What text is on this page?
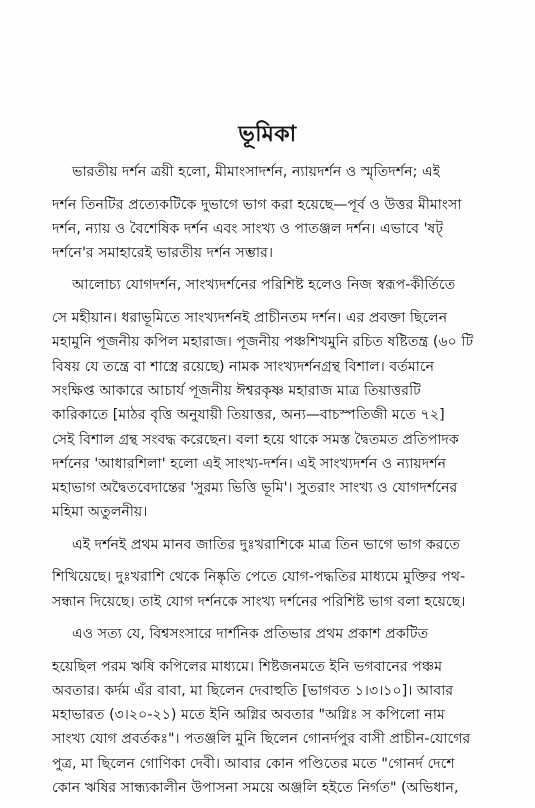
ভূমিকা
ভারতীয় দর্শন ত্রয়ী হলো, মীমাংসাদর্শন, ন্যায়দর্শন ও স্মৃতিদর্শন; এই
দর্শন তিনটির প্রত্যেকটিকে দুভাগে ভাগ করা হয়েছে—পূর্ব ও উত্তর মীমাংসা
দর্শন, ন্যায় ও বৈশেষিক দর্শন এবং সাংখ্য ও পাতঞ্জল দর্শন। এভাবে 'ষট্
দর্শনে'র সমাহারেই ভারতীয় দর্শন সম্ভার।
আলোচ্য যোগদর্শন, সাংখ্যদর্শনের পরিশিষ্ট হলেও নিজ স্বরূপ-কীর্তিতে
সে মহীয়ান। ধরাভূমিতে সাংখ্যদর্শনই প্রাচীনতম দর্শন। এর প্রবক্তা ছিলেন
মহামুনি পূজনীয় কপিল মহারাজ। পূজনীয় পঞ্চশিখমুনি রচিত ষষ্টিতন্ত্র (৬০ টি
বিষয় যে তন্ত্রে বা শাস্ত্রে রয়েছে) নামক সাংখ্যদর্শনগ্রন্থ বিশাল। বর্তমানে
সংক্ষিপ্ত আকারে আচার্য পূজনীয় ঈশ্বরকৃষ্ণ মহারাজ মাত্র তিয়াত্তরটি
কারিকাতে [মাঠর বৃত্তি অনুযায়ী তিয়াত্তর, অন্য—বাচস্পতিজী মতে ৭২]
সেই বিশাল গ্রন্থ সংবদ্ধ করেছেন। বলা হয়ে থাকে সমস্ত দ্বৈতমত প্রতিপাদক
দর্শনের 'আধারশিলা' হলো এই সাংখ্য-দর্শন। এই সাংখ্যদর্শন ও ন্যায়দর্শন
মহাভাগ অদ্বৈতবেদান্তের 'সুরম্য ভিত্তি ভূমি'। সুতরাং সাংখ্য ও যোগদর্শনের
মহিমা অতুলনীয়।
এই দর্শনই প্রথম মানব জাতির দুঃখরাশিকে মাত্র তিন ভাগে ভাগ করতে
শিখিয়েছে। দুঃখরাশি থেকে নিষ্কৃতি পেতে যোগ-পদ্ধতির মাধ্যমে মুক্তির পথ-
সন্ধান দিয়েছে। তাই যোগ দর্শনকে সাংখ্য দর্শনের পরিশিষ্ট ভাগ বলা হয়েছে।
এও সত্য যে, বিশ্বসংসারে দার্শনিক প্রতিভার প্রথম প্রকাশ প্রকটিত
হয়েছিল পরম ঋষি কপিলের মাধ্যমে। শিষ্টজনমতে ইনি ভগবানের পঞ্চম
অবতার। কর্দম এঁর বাবা, মা ছিলেন দেবাহুতি [ভাগবত ১।৩।১০]। আবার
মহাভারত (৩।২০-২১) মতে ইনি অগ্নির অবতার "অগ্নিঃ স কপিলো নাম
সাংখ্য যোগ প্রবর্তকঃ"। পতঞ্জলি মুনি ছিলেন গোনর্দপুর বাসী প্রাচীন-যোগের
পুত্র, মা ছিলেন গোণিকা দেবী। আবার কোন পণ্ডিতের মতে "গোনর্দ দেশে
কোন ঋষির সান্ধ্যকালীন উপাসনা সময়ে অঞ্জলি হইতে নির্গত" (অভিধান,
